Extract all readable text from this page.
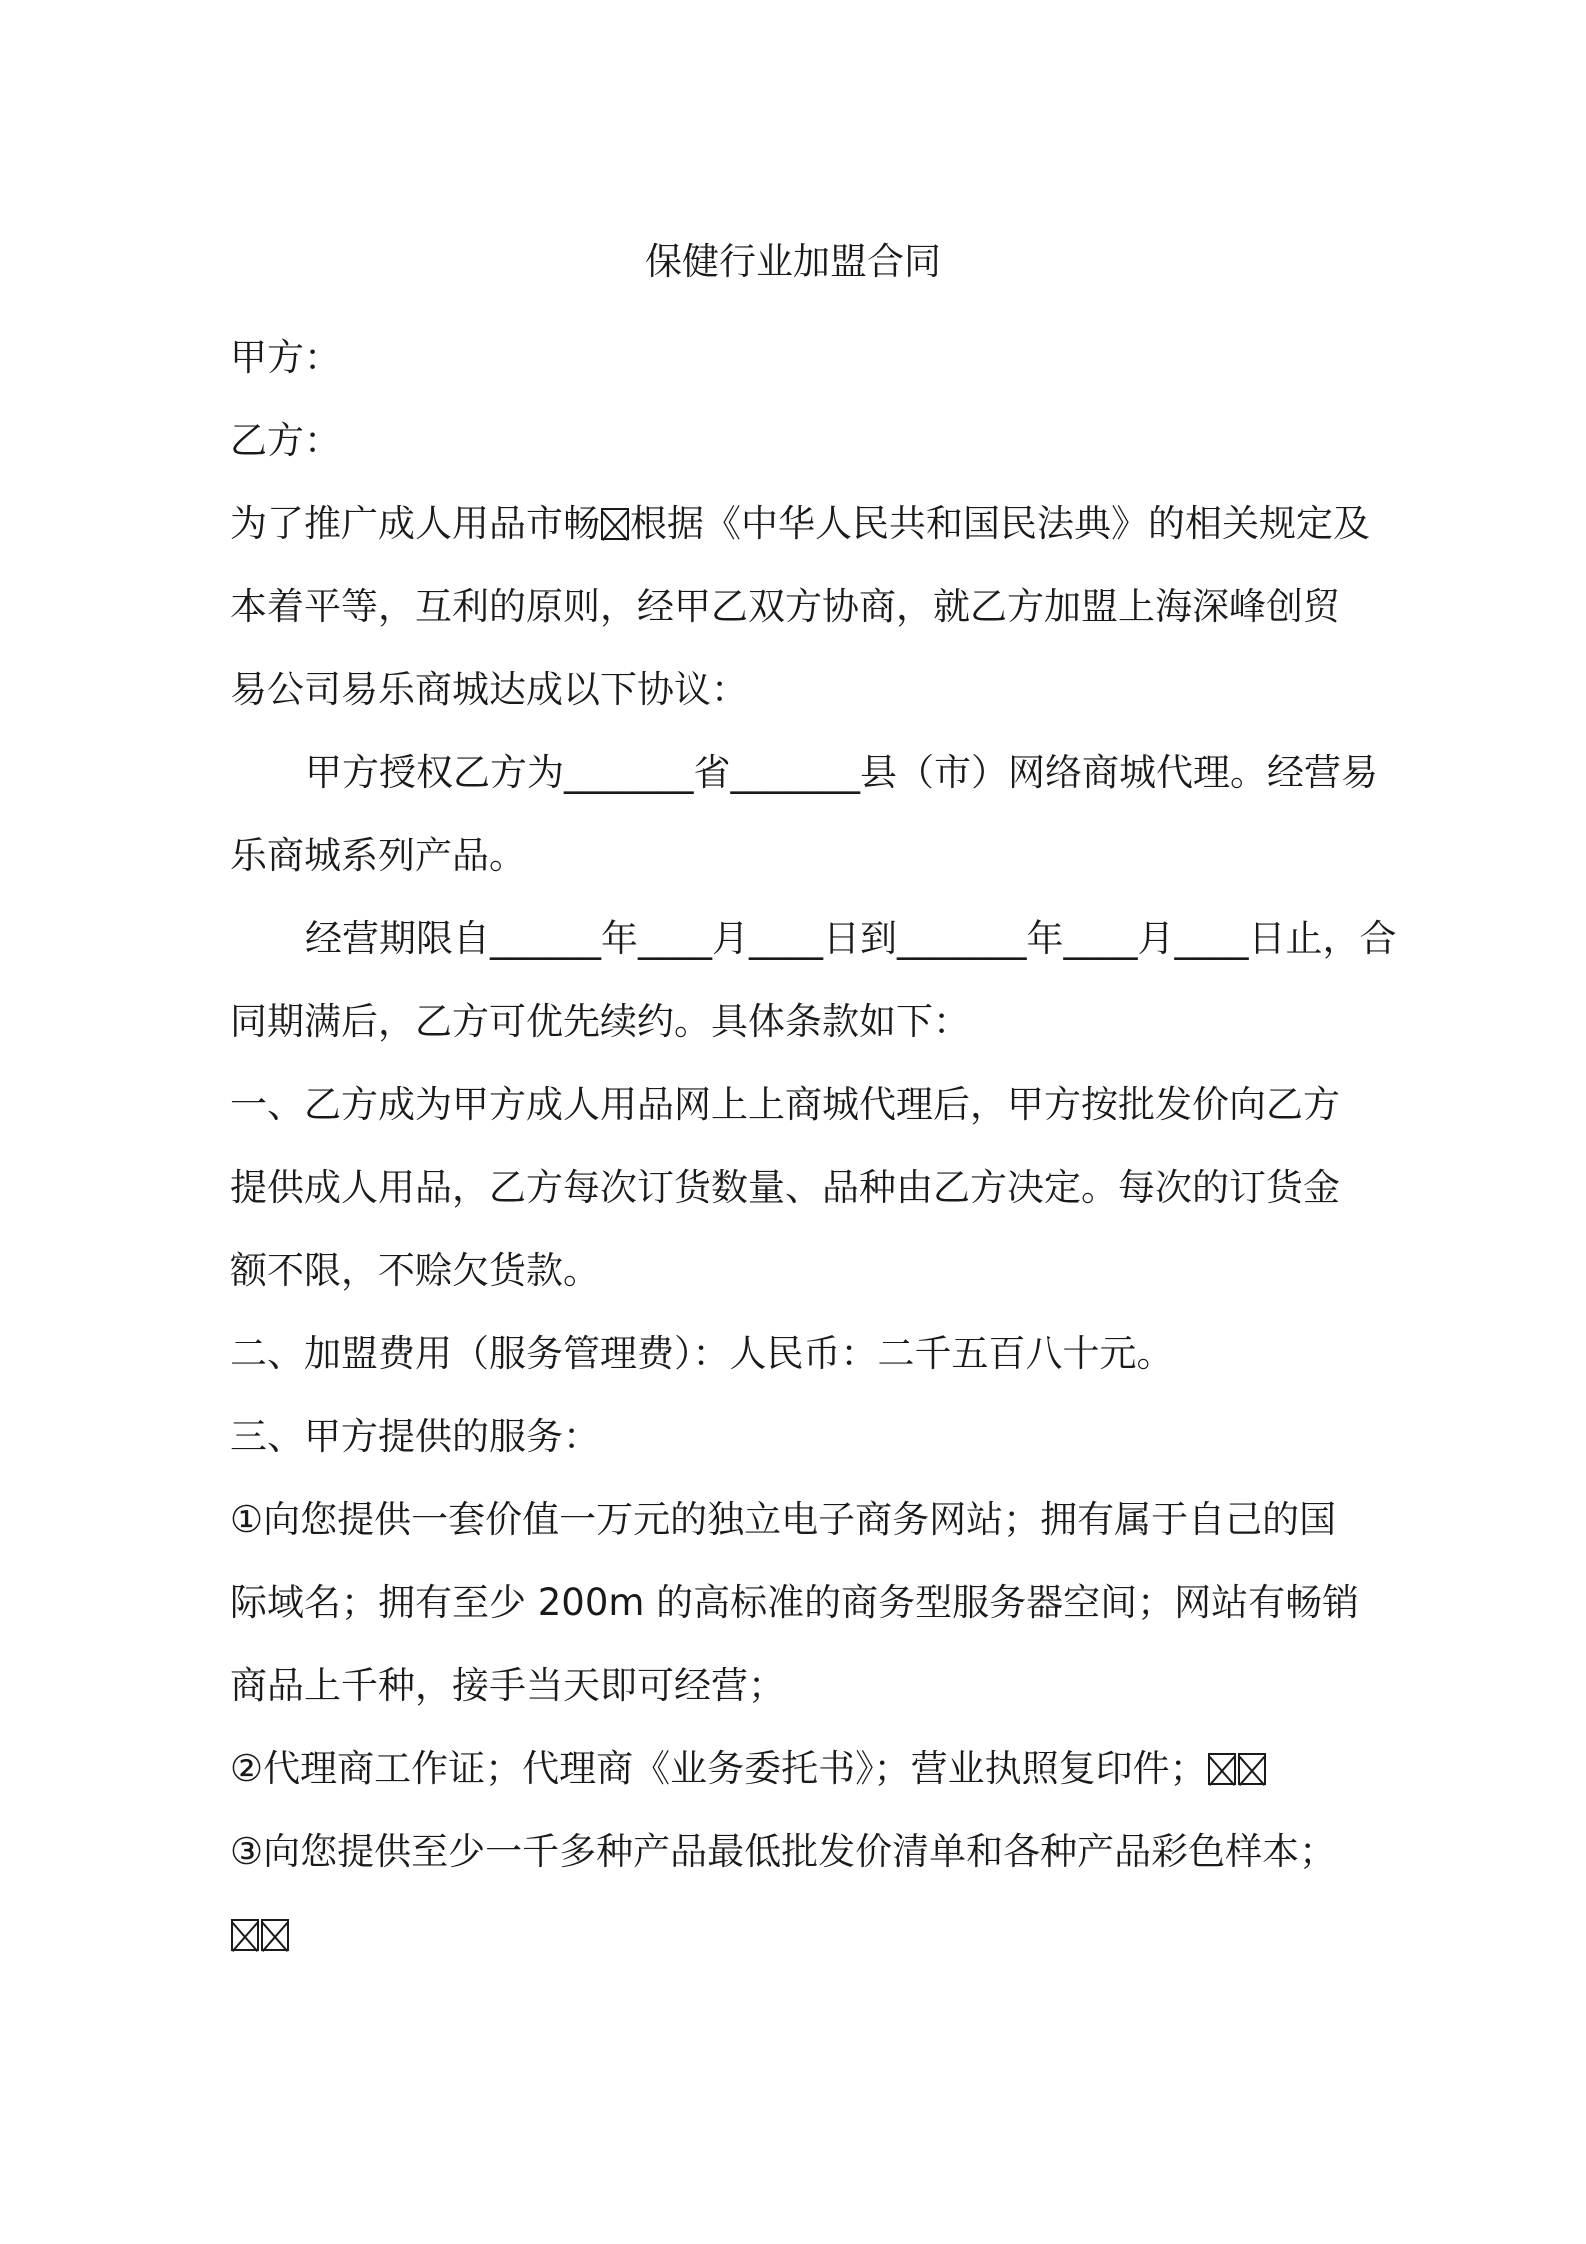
保健行业加盟合同

甲方：

乙方：

为了推广成人用品市畅 根据《中华人民共和国民法典》的相关规定及

本着平等，互利的原则，经甲乙双方协商，就乙方加盟上海深峰创贸

易公司易乐商城达成以下协议：

甲方授权乙方为_______省_______县（市）网络商城代理。经营易

乐商城系列产品。

经营期限自______年____月____日到_______年____月____日止，合

同期满后，乙方可优先续约。具体条款如下：

一、乙方成为甲方成人用品网上上商城代理后，甲方按批发价向乙方

提供成人用品，乙方每次订货数量、品种由乙方决定。每次的订货金

额不限，不赊欠货款。

二、加盟费用（服务管理费）：人民币：二千五百八十元。

三、甲方提供的服务：

①向您提供一套价值一万元的独立电子商务网站；拥有属于自己的国

际域名；拥有至少 200m 的高标准的商务型服务器空间；网站有畅销

商品上千种，接手当天即可经营；

②代理商工作证；代理商《业务委托书》；营业执照复印件；

③向您提供至少一千多种产品最低批发价清单和各种产品彩色样本；
